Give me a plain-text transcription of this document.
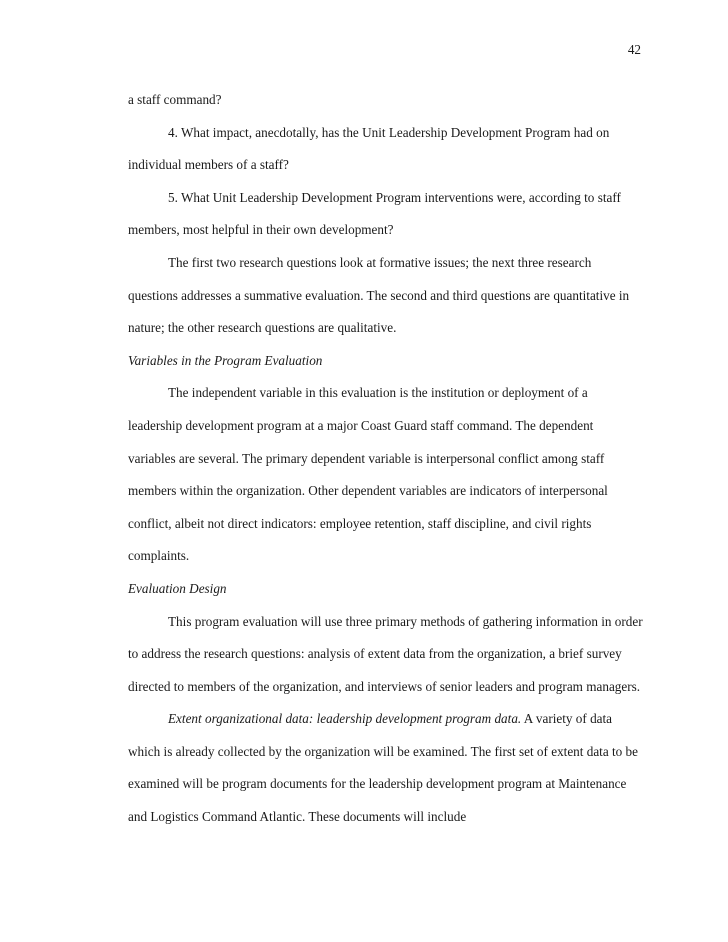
42

a staff command?

4. What impact, anecdotally, has the Unit Leadership Development Program had on individual members of a staff?

5. What Unit Leadership Development Program interventions were, according to staff members, most helpful in their own development?

The first two research questions look at formative issues; the next three research questions addresses a summative evaluation. The second and third questions are quantitative in nature; the other research questions are qualitative.

Variables in the Program Evaluation

The independent variable in this evaluation is the institution or deployment of a leadership development program at a major Coast Guard staff command. The dependent variables are several. The primary dependent variable is interpersonal conflict among staff members within the organization. Other dependent variables are indicators of interpersonal conflict, albeit not direct indicators: employee retention, staff discipline, and civil rights complaints.

Evaluation Design

This program evaluation will use three primary methods of gathering information in order to address the research questions: analysis of extent data from the organization, a brief survey directed to members of the organization, and interviews of senior leaders and program managers.

Extent organizational data: leadership development program data. A variety of data which is already collected by the organization will be examined. The first set of extent data to be examined will be program documents for the leadership development program at Maintenance and Logistics Command Atlantic. These documents will include
